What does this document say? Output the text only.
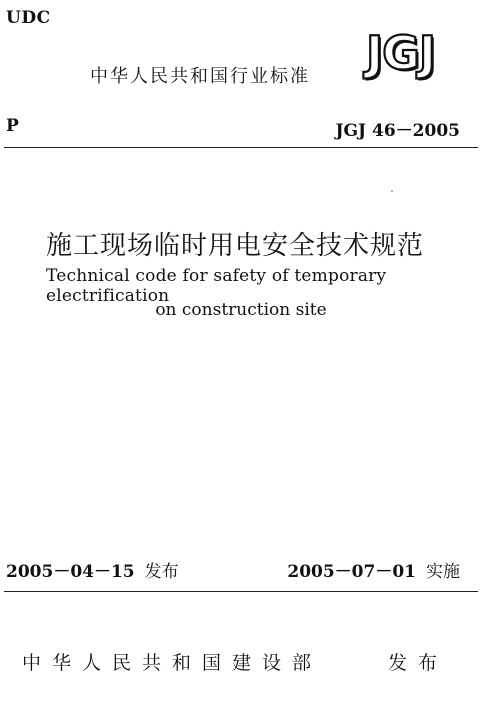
UDC
中华人民共和国行业标准 JGJ
P	JGJ 46－2005
施工现场临时用电安全技术规范
Technical code for safety of temporary electrification
on construction site
2005－04－15 发布	2005－07－01 实施
中华人民共和国建设部	发布
